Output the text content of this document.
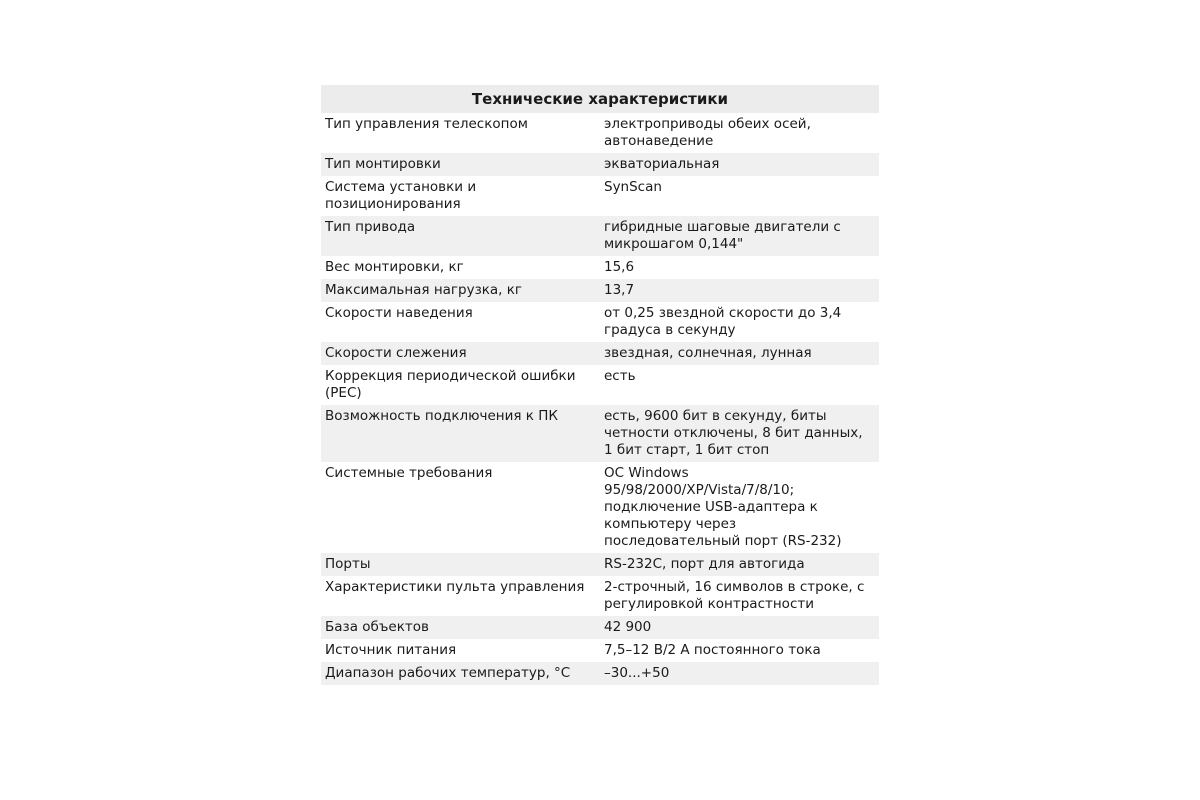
Технические характеристики	
Тип управления телескопом	электроприводы обеих осей, автонаведение
Тип монтировки	экваториальная
Система установки и позиционирования	SynScan
Тип привода	гибридные шаговые двигатели с микрошагом 0,144"
Вес монтировки, кг	15,6
Максимальная нагрузка, кг	13,7
Скорости наведения	от 0,25 звездной скорости до 3,4 градуса в секунду
Скорости слежения	звездная, солнечная, лунная
Коррекция периодической ошибки (PEC)	есть
Возможность подключения к ПК	есть, 9600 бит в секунду, биты четности отключены, 8 бит данных, 1 бит старт, 1 бит стоп
Системные требования	ОС Windows 95/98/2000/XP/Vista/7/8/10; подключение USB-адаптера к компьютеру через последовательный порт (RS-232)
Порты	RS-232C, порт для автогида
Характеристики пульта управления	2-строчный, 16 символов в строке, с регулировкой контрастности
База объектов	42 900
Источник питания	7,5–12 В/2 А постоянного тока
Диапазон рабочих температур, °С	–30...+50
